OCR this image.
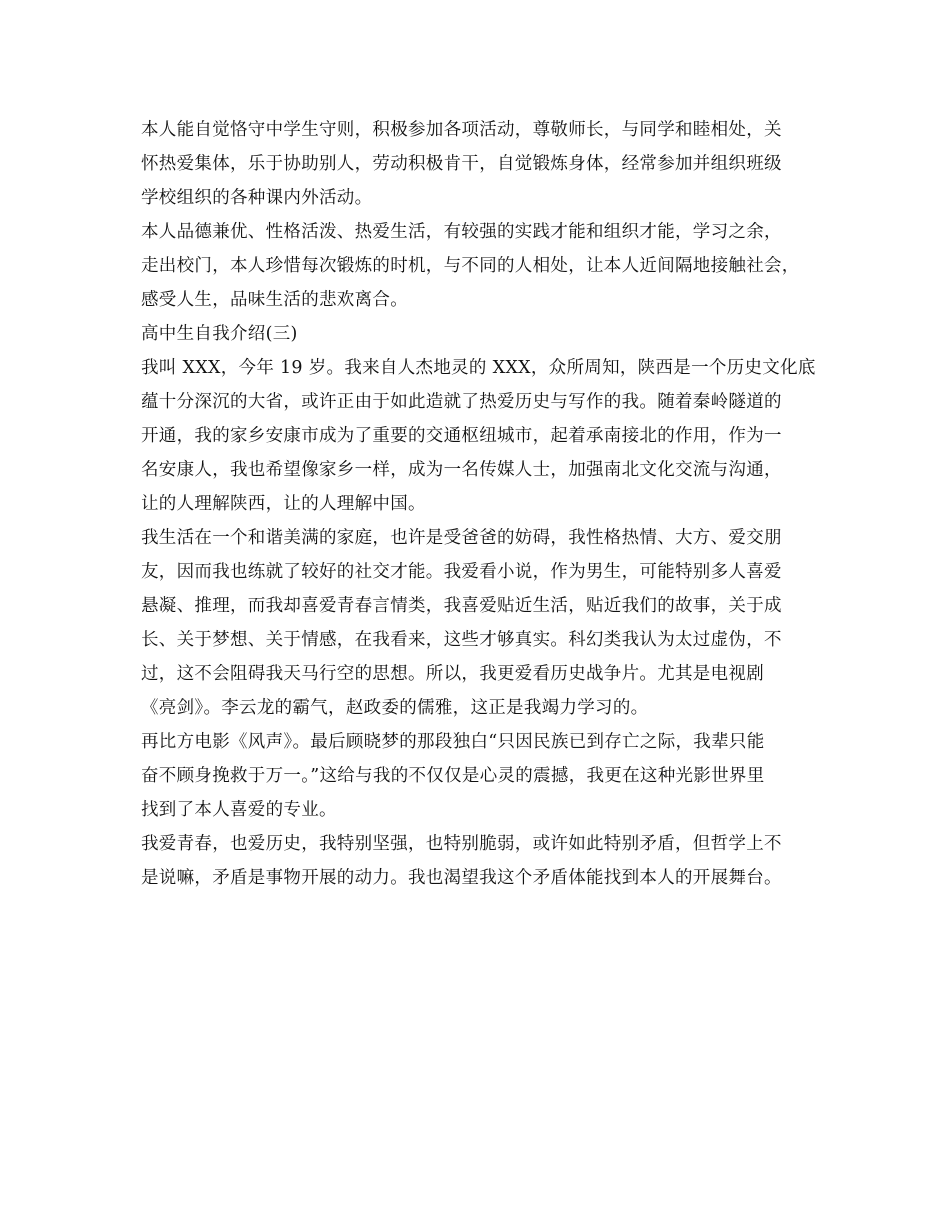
本人能自觉恪守中学生守则，积极参加各项活动，尊敬师长，与同学和睦相处，关
怀热爱集体，乐于协助别人，劳动积极肯干，自觉锻炼身体，经常参加并组织班级
学校组织的各种课内外活动。
本人品德兼优、性格活泼、热爱生活，有较强的实践才能和组织才能，学习之余，
走出校门，本人珍惜每次锻炼的时机，与不同的人相处，让本人近间隔地接触社会，
感受人生，品味生活的悲欢离合。
高中生自我介绍(三)
我叫 XXX，今年 19 岁。我来自人杰地灵的 XXX，众所周知，陕西是一个历史文化底
蕴十分深沉的大省，或许正由于如此造就了热爱历史与写作的我。随着秦岭隧道的
开通，我的家乡安康市成为了重要的交通枢纽城市，起着承南接北的作用，作为一
名安康人，我也希望像家乡一样，成为一名传媒人士，加强南北文化交流与沟通，
让的人理解陕西，让的人理解中国。
我生活在一个和谐美满的家庭，也许是受爸爸的妨碍，我性格热情、大方、爱交朋
友，因而我也练就了较好的社交才能。我爱看小说，作为男生，可能特别多人喜爱
悬凝、推理，而我却喜爱青春言情类，我喜爱贴近生活，贴近我们的故事，关于成
长、关于梦想、关于情感，在我看来，这些才够真实。科幻类我认为太过虚伪，不
过，这不会阻碍我天马行空的思想。所以，我更爱看历史战争片。尤其是电视剧
《亮剑》。李云龙的霸气，赵政委的儒雅，这正是我竭力学习的。
再比方电影《风声》。最后顾晓梦的那段独白“只因民族已到存亡之际，我辈只能
奋不顾身挽救于万一。”这给与我的不仅仅是心灵的震撼，我更在这种光影世界里
找到了本人喜爱的专业。
我爱青春，也爱历史，我特别坚强，也特别脆弱，或许如此特别矛盾，但哲学上不
是说嘛，矛盾是事物开展的动力。我也渴望我这个矛盾体能找到本人的开展舞台。
